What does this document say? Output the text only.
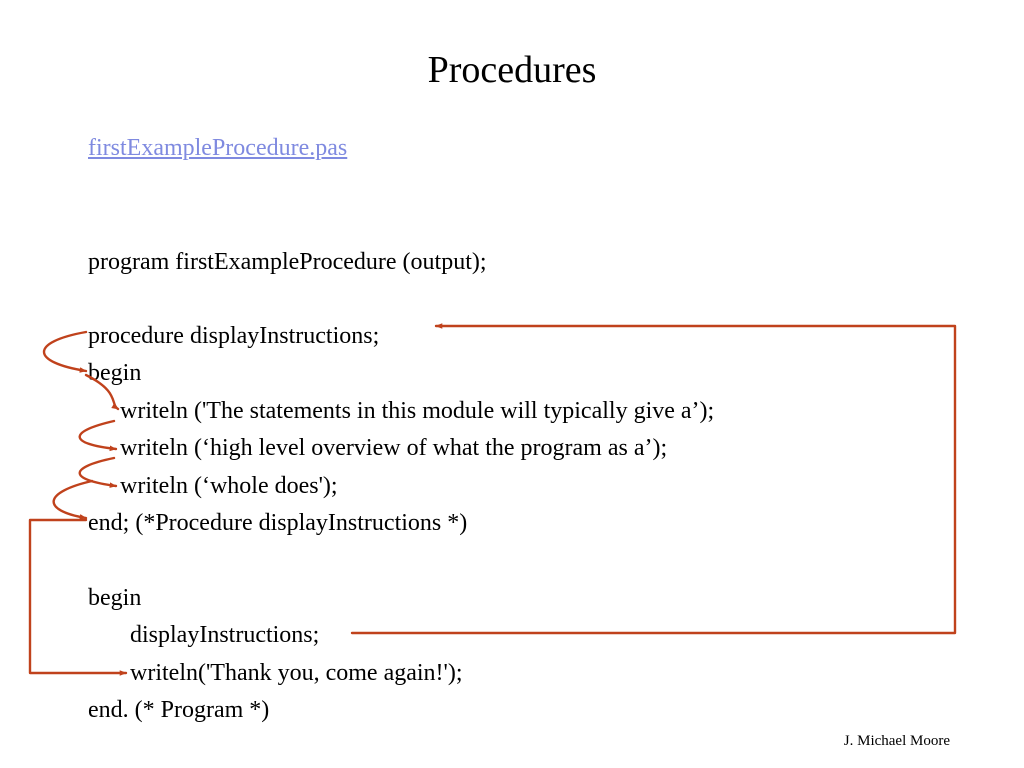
Procedures
firstExampleProcedure.pas
program firstExampleProcedure (output);
procedure displayInstructions;
begin
writeln ('The statements in this module will typically give a’);
writeln (‘high level overview of what the program as a’);
writeln (‘whole does');
end; (*Procedure displayInstructions *)
begin
displayInstructions;
writeln('Thank you, come again!');
end. (* Program *)
J. Michael Moore
